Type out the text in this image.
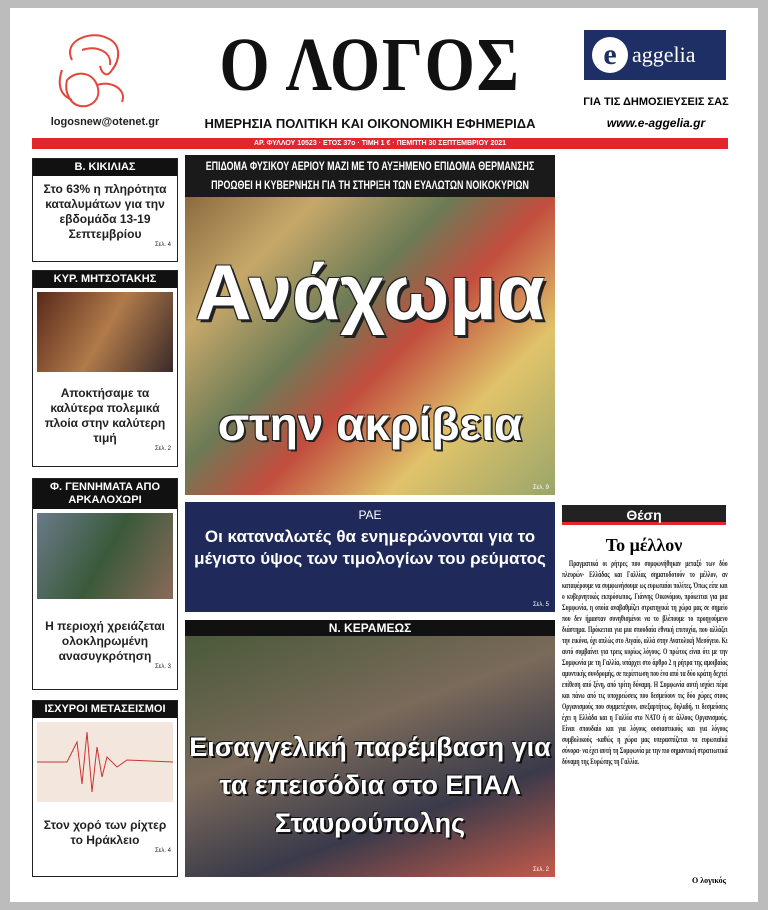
logosnew@otenet.gr
Ο ΛΟΓΟΣ
ΗΜΕΡΗΣΙΑ ΠΟΛΙΤΙΚΗ ΚΑΙ ΟΙΚΟΝΟΜΙΚΗ ΕΦΗΜΕΡΙΔΑ
e aggelia
ΓΙΑ ΤΙΣ ΔΗΜΟΣΙΕΥΣΕΙΣ ΣΑΣ
www.e-aggelia.gr
ΑΡ. ΦΥΛΛΟΥ 10523 · ΕΤΟΣ 37ο · ΤΙΜΗ 1 € · ΠΕΜΠΤΗ 30 ΣΕΠΤΕΜΒΡΙΟΥ 2021
Β. ΚΙΚΙΛΙΑΣ
Στο 63% η πληρότητα καταλυμάτων για την εβδομάδα 13-19 Σεπτεμβρίου
Σελ. 4
ΚΥΡ. ΜΗΤΣΟΤΑΚΗΣ
Αποκτήσαμε τα καλύτερα πολεμικά πλοία στην καλύτερη τιμή
Σελ. 2
Φ. ΓΕΝΝΗΜΑΤΑ ΑΠΟ ΑΡΚΑΛΟΧΩΡΙ
Η περιοχή χρειάζεται ολοκληρωμένη ανασυγκρότηση
Σελ. 3
ΙΣΧΥΡΟΙ ΜΕΤΑΣΕΙΣΜΟΙ
Στον χορό των ρίχτερ το Ηράκλειο
Σελ. 4
ΕΠΙΔΟΜΑ ΦΥΣΙΚΟΥ ΑΕΡΙΟΥ ΜΑΖΙ ΜΕ ΤΟ ΑΥΞΗΜΕΝΟ ΕΠΙΔΟΜΑ ΘΕΡΜΑΝΣΗΣ ΠΡΟΩΘΕΙ Η ΚΥΒΕΡΝΗΣΗ ΓΙΑ ΤΗ ΣΤΗΡΙΞΗ ΤΩΝ ΕΥΑΛΩΤΩΝ ΝΟΙΚΟΚΥΡΙΩΝ
Ανάχωμα
στην ακρίβεια
Σελ. 9
ΡΑΕ
Οι καταναλωτές θα ενημερώνονται για το μέγιστο ύψος των τιμολογίων του ρεύματος
Σελ. 5
Ν. ΚΕΡΑΜΕΩΣ
Εισαγγελική παρέμβαση για τα επεισόδια στο ΕΠΑΛ Σταυρούπολης
Σελ. 2
Θέση
Το μέλλον
Πραγματικά οι ρήτρες που συμφωνήθηκαν μεταξύ των δύο πλευρών- Ελλάδας και Γαλλίας σηματοδοτούν το μέλλον, αν καταφέρουμε να συμφωνήσουμε ως ευρωπαίοι πολίτες. Όπως είπε και ο κυβερνητικός εκπρόσωπος, Γιάννης Οικονόμου, πρόκειται για μια Συμφωνία, η οποία αναβαθμίζει στρατηγικά τη χώρα μας σε σημείο που δεν ήμασταν συνηθισμένοι να το βλέπουμε το προηγούμενο διάστημα. Πρόκειται για μια σπουδαία εθνική επιτυχία, που αλλάζει την εικόνα, όχι απλώς στο Αιγαίο, αλλά στην Ανατολική Μεσόγειο. Κι αυτό συμβαίνει για τρεις κυρίως λόγους. Ο πρώτος είναι ότι με την Συμφωνία με τη Γαλλία, υπάρχει στο άρθρο 2 η ρήτρα της αμοιβαίας αμυντικής συνδρομής, σε περίπτωση που ένα από τα δύο κράτη δεχτεί επίθεση από ξένη, από τρίτη δύναμη. Η Συμφωνία αυτή ισχύει πέρα και πάνω από τις υποχρεώσεις που δεσμεύουν τις δύο χώρες στους Οργανισμούς που συμμετέχουν, ανεξαρτήτως, δηλαδή, τι δεσμεύσεις έχει η Ελλάδα και η Γαλλία στο ΝΑΤΟ ή σε άλλους Οργανισμούς. Είναι σπουδαίο και για λόγους ουσιαστικούς και για λόγους συμβολικούς -καθώς η χώρα μας υπερασπίζεται τα ευρωπαϊκά σύνορα- να έχει αυτή τη Συμφωνία με την πιο σημαντική στρατιωτικά δύναμη της Ευρώπης τη Γαλλία.
Ο λογικός
